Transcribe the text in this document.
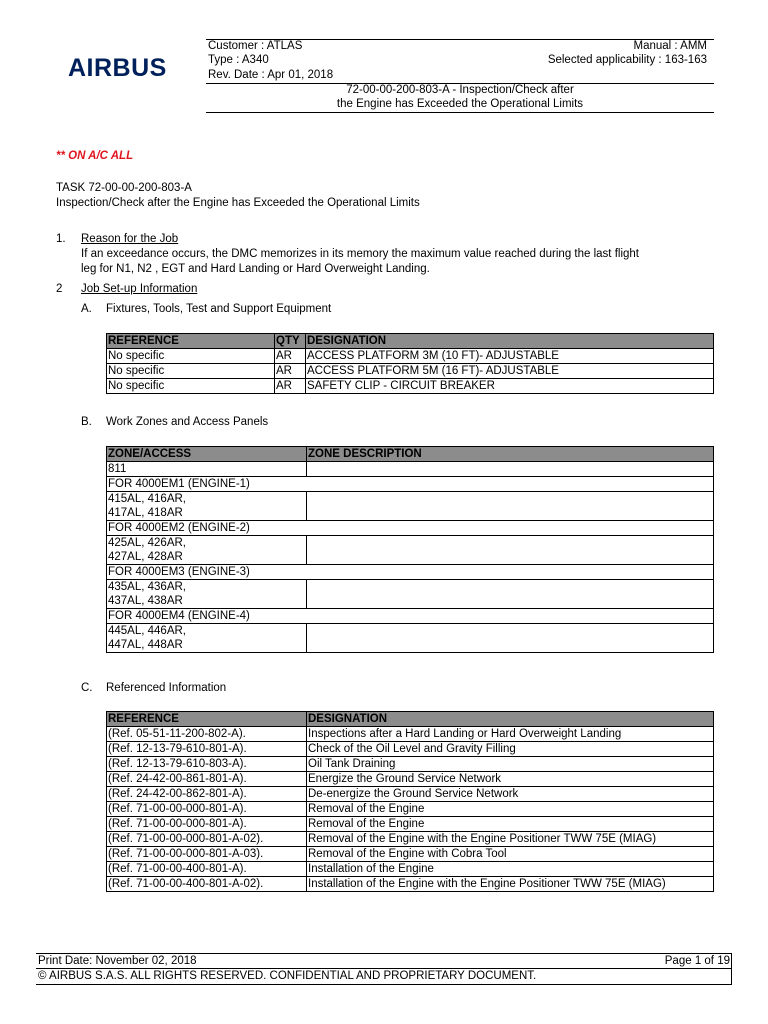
AIRBUS
Customer : ATLAS	Manual : AMM
Type : A340	Selected applicability : 163-163
Rev. Date : Apr 01, 2018
72-00-00-200-803-A - Inspection/Check after
the Engine has Exceeded the Operational Limits
** ON A/C ALL
TASK 72-00-00-200-803-A
Inspection/Check after the Engine has Exceeded the Operational Limits
1. Reason for the Job
If an exceedance occurs, the DMC memorizes in its memory the maximum value reached during the last flight
leg for N1, N2 , EGT and Hard Landing or Hard Overweight Landing.
2 Job Set-up Information
A. Fixtures, Tools, Test and Support Equipment
REFERENCE	QTY	DESIGNATION
No specific	AR	ACCESS PLATFORM 3M (10 FT)- ADJUSTABLE
No specific	AR	ACCESS PLATFORM 5M (16 FT)- ADJUSTABLE
No specific	AR	SAFETY CLIP - CIRCUIT BREAKER
B. Work Zones and Access Panels
ZONE/ACCESS	ZONE DESCRIPTION
811	
FOR 4000EM1 (ENGINE-1)	
415AL, 416AR,
417AL, 418AR	
FOR 4000EM2 (ENGINE-2)	
425AL, 426AR,
427AL, 428AR	
FOR 4000EM3 (ENGINE-3)	
435AL, 436AR,
437AL, 438AR	
FOR 4000EM4 (ENGINE-4)	
445AL, 446AR,
447AL, 448AR	
C. Referenced Information
REFERENCE	DESIGNATION
(Ref. 05-51-11-200-802-A).	Inspections after a Hard Landing or Hard Overweight Landing
(Ref. 12-13-79-610-801-A).	Check of the Oil Level and Gravity Filling
(Ref. 12-13-79-610-803-A).	Oil Tank Draining
(Ref. 24-42-00-861-801-A).	Energize the Ground Service Network
(Ref. 24-42-00-862-801-A).	De-energize the Ground Service Network
(Ref. 71-00-00-000-801-A).	Removal of the Engine
(Ref. 71-00-00-000-801-A).	Removal of the Engine
(Ref. 71-00-00-000-801-A-02).	Removal of the Engine with the Engine Positioner TWW 75E (MIAG)
(Ref. 71-00-00-000-801-A-03).	Removal of the Engine with Cobra Tool
(Ref. 71-00-00-400-801-A).	Installation of the Engine
(Ref. 71-00-00-400-801-A-02).	Installation of the Engine with the Engine Positioner TWW 75E (MIAG)
Print Date: November 02, 2018	Page 1 of 19
© AIRBUS S.A.S. ALL RIGHTS RESERVED. CONFIDENTIAL AND PROPRIETARY DOCUMENT.
